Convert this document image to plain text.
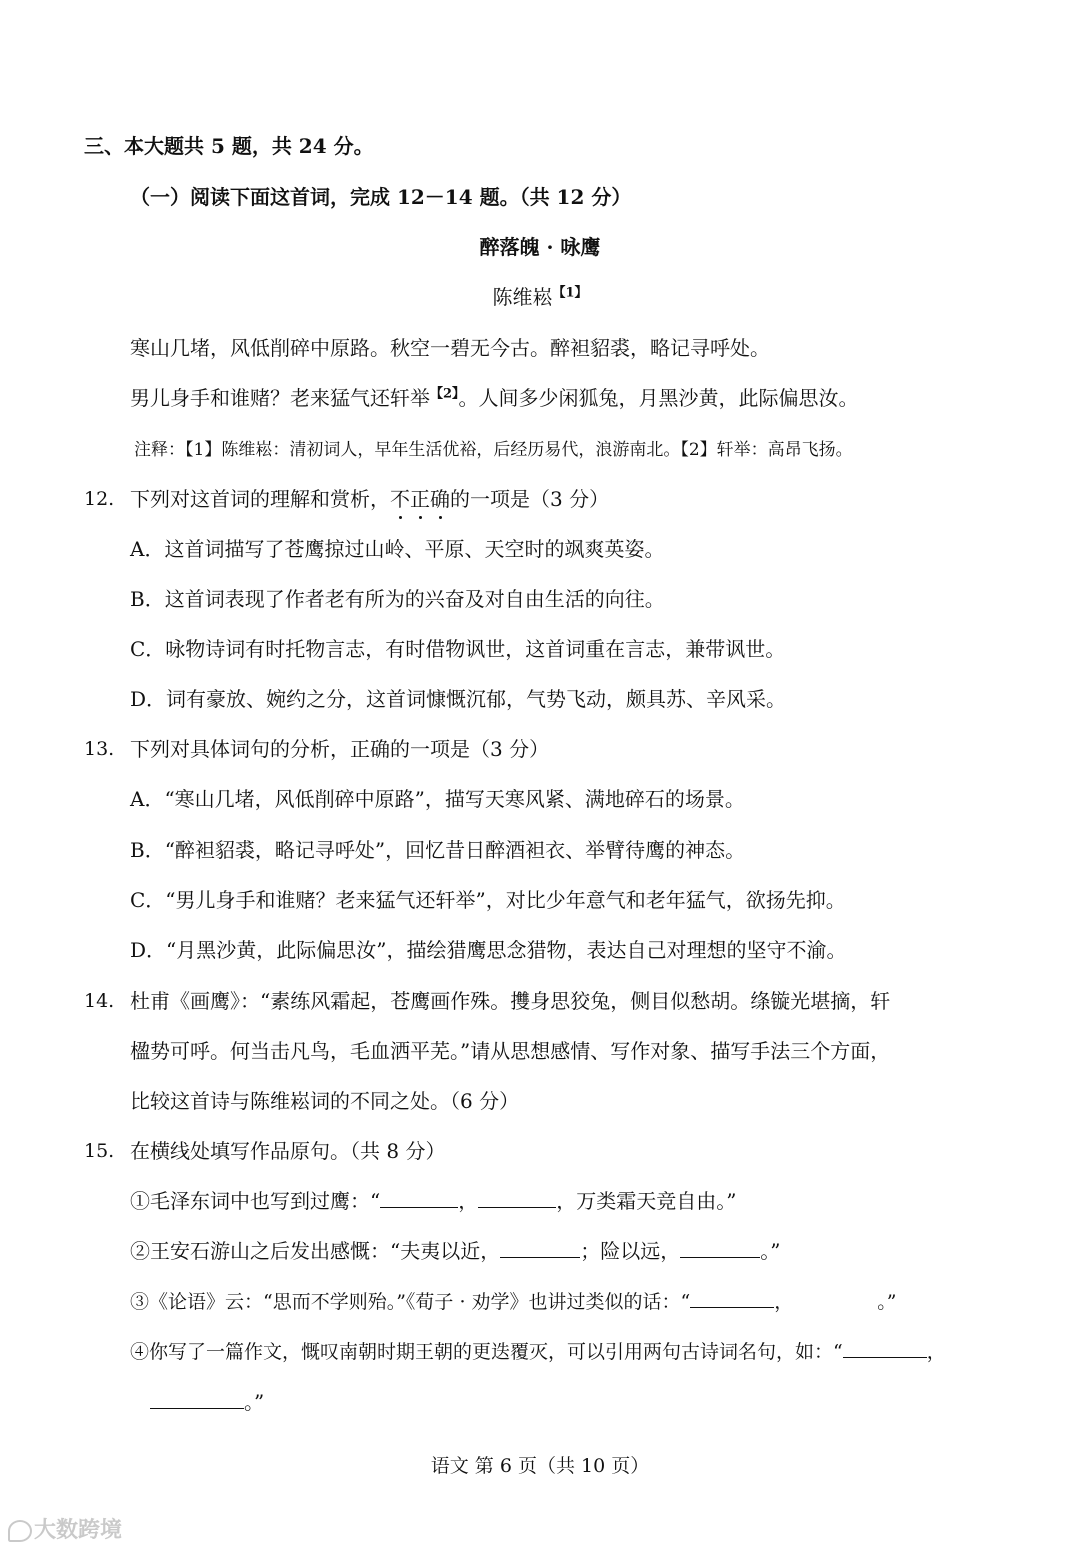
三、本大题共 5 题，共 24 分。
（一）阅读下面这首词，完成 12－14 题。（共 12 分）
醉落魄 · 咏鹰
陈维崧$^{【1】}$
寒山几堵，风低削碎中原路。秋空一碧无今古。醉袒貂裘，略记寻呼处。
男儿身手和谁赌？老来猛气还轩举$^{【2】}$。人间多少闲狐兔，月黑沙黄，此际偏思汝。
注释：【1】陈维崧：清初词人，早年生活优裕，后经历易代，浪游南北。【2】轩举：高昂飞扬。
12. 下列对这首词的理解和赏析，不正确的一项是（3 分）
A．这首词描写了苍鹰掠过山岭、平原、天空时的飒爽英姿。
B．这首词表现了作者老有所为的兴奋及对自由生活的向往。
C．咏物诗词有时托物言志，有时借物讽世，这首词重在言志，兼带讽世。
D．词有豪放、婉约之分，这首词慷慨沉郁，气势飞动，颇具苏、辛风采。
13. 下列对具体词句的分析，正确的一项是（3 分）
A．“寒山几堵，风低削碎中原路”，描写天寒风紧、满地碎石的场景。
B．“醉袒貂裘，略记寻呼处”，回忆昔日醉酒袒衣、举臂待鹰的神态。
C．“男儿身手和谁赌？老来猛气还轩举”，对比少年意气和老年猛气，欲扬先抑。
D．“月黑沙黄，此际偏思汝”，描绘猎鹰思念猎物，表达自己对理想的坚守不渝。
14. 杜甫《画鹰》：“素练风霜起，苍鹰画作殊。㩳身思狡兔，侧目似愁胡。绦镟光堪摘，轩
楹势可呼。何当击凡鸟，毛血洒平芜。”请从思想感情、写作对象、描写手法三个方面，
比较这首诗与陈维崧词的不同之处。（6 分）
15. 在横线处填写作品原句。（共 8 分）
①毛泽东词中也写到过鹰：“	，	，万类霜天竞自由。”
②王安石游山之后发出感慨：“夫夷以近，	；险以远，	。”
③《论语》云：“思而不学则殆。”《荀子 · 劝学》也讲过类似的话：“	，	。”
④你写了一篇作文，慨叹南朝时期王朝的更迭覆灭，可以引用两句古诗词名句，如：“	，
。”
语文 第 6 页（共 10 页）
大数跨境
